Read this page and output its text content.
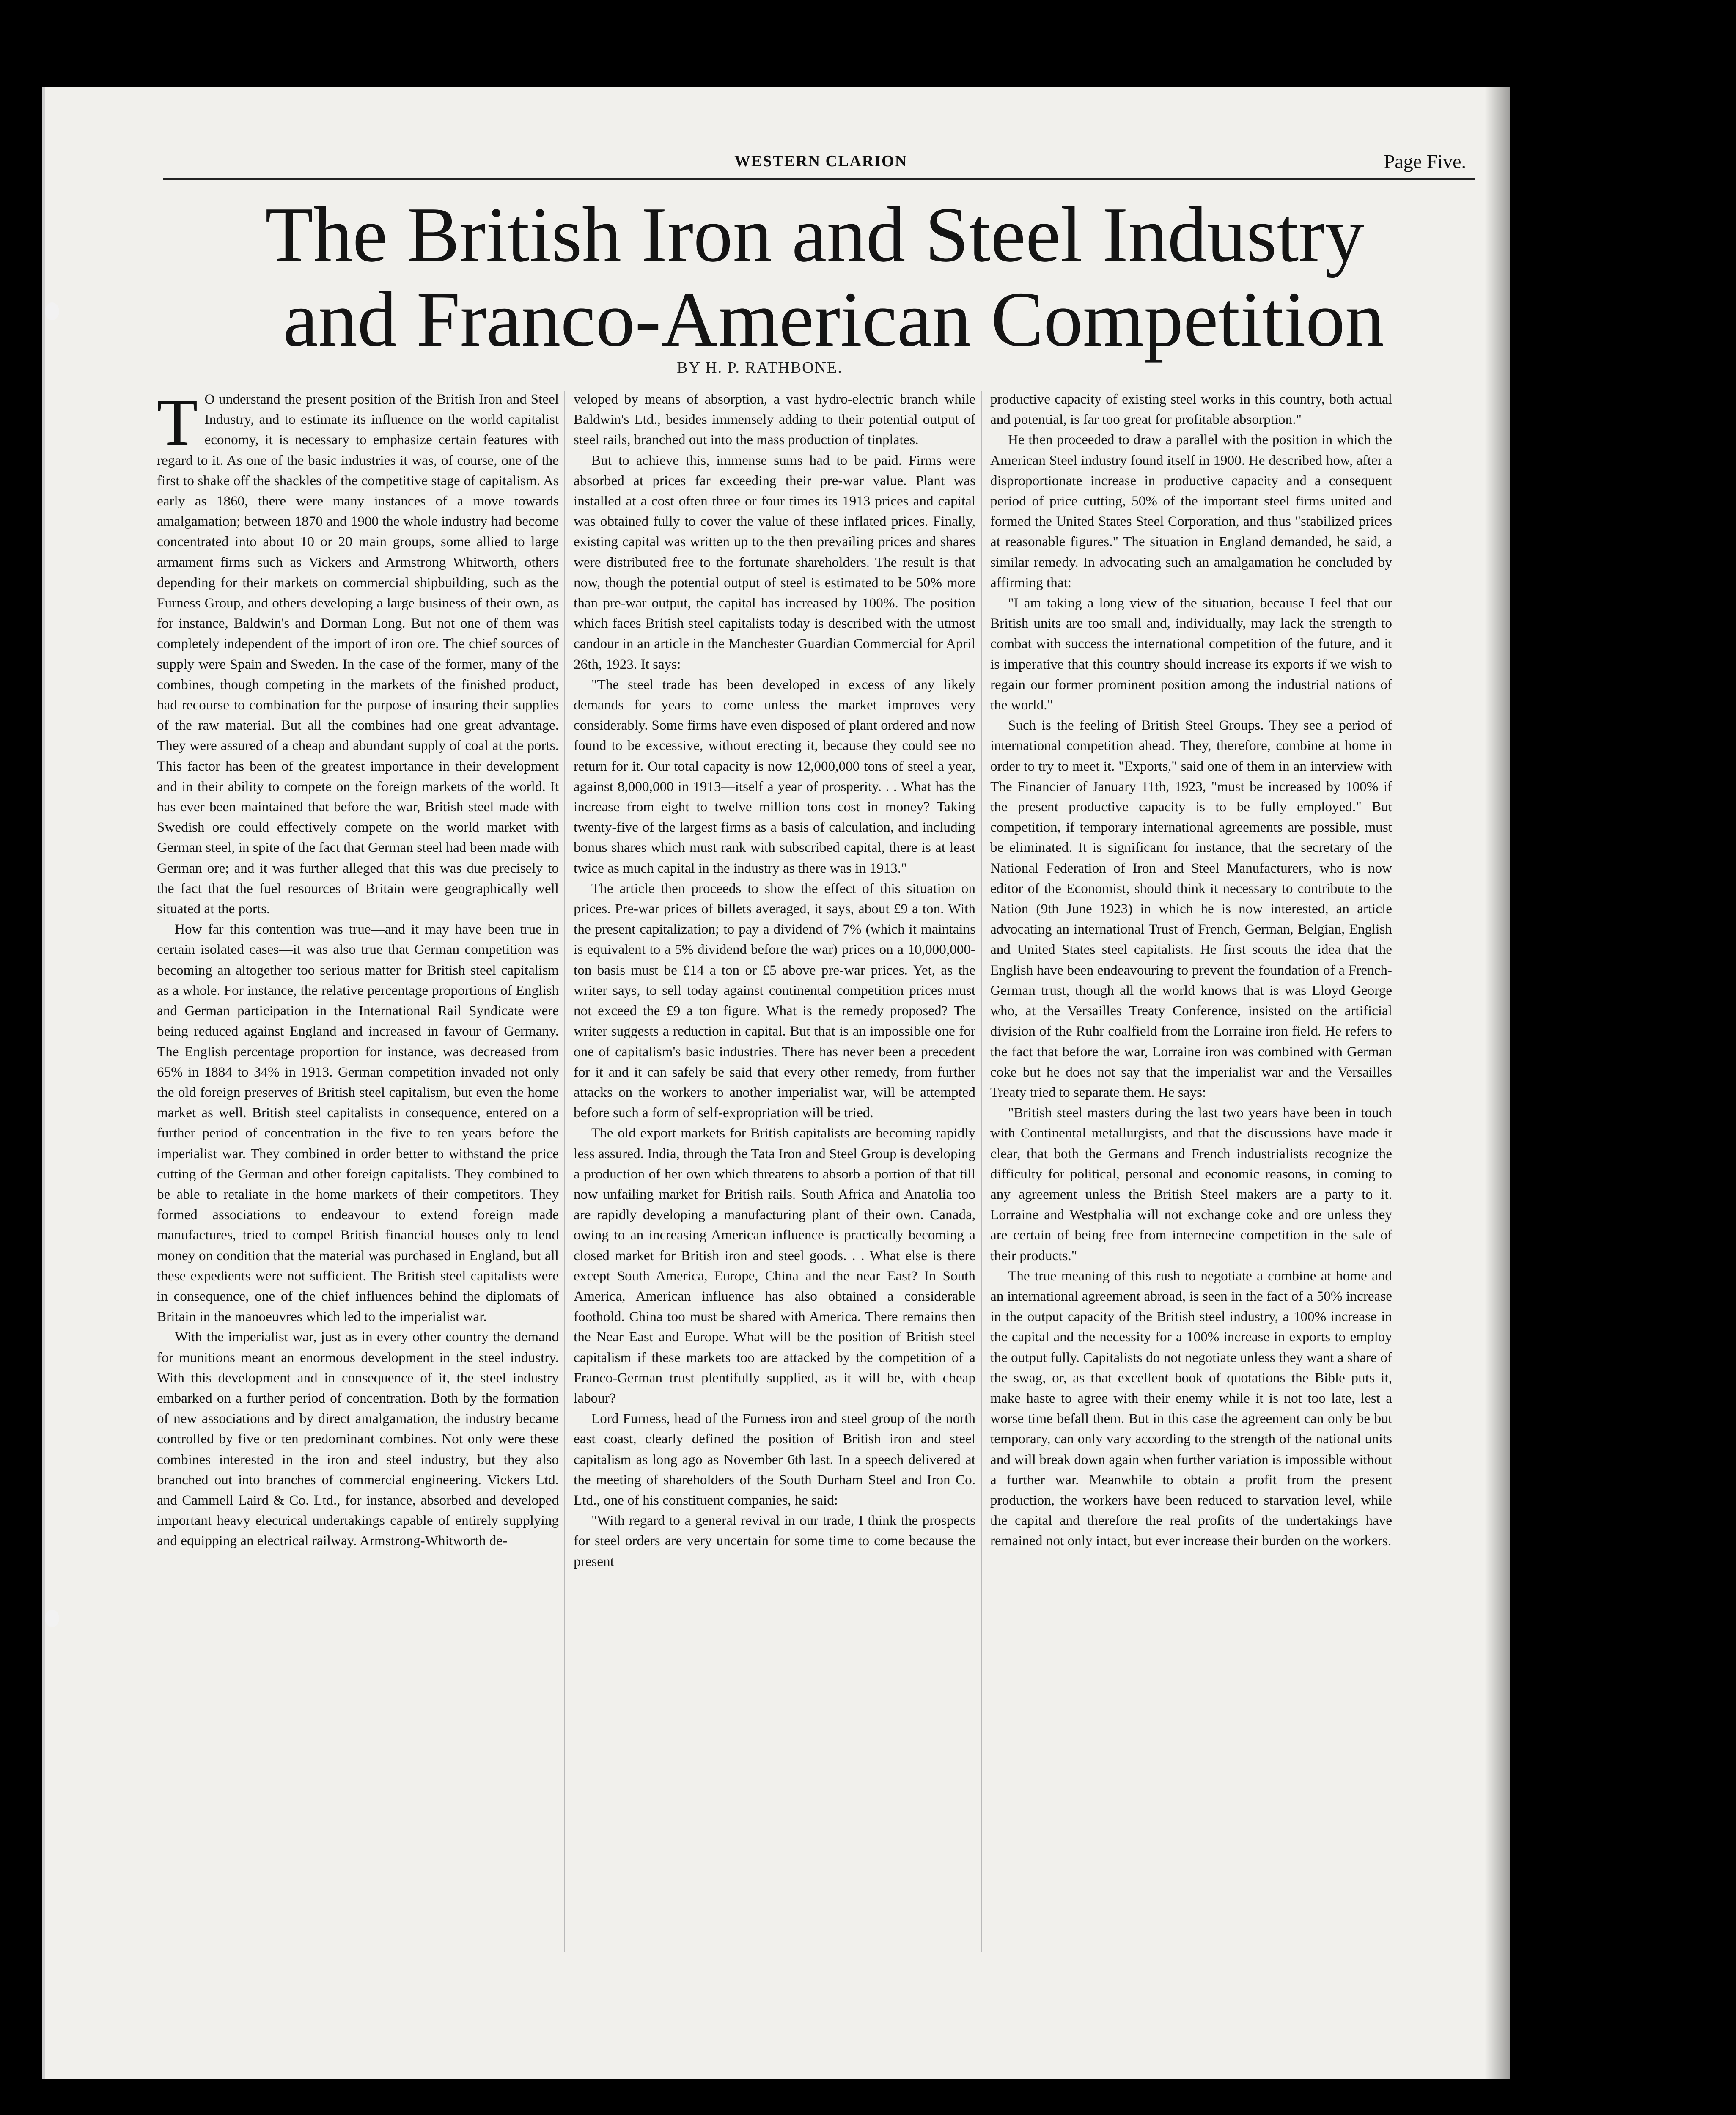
WESTERN CLARION	Page Five.
The British Iron and Steel Industry
and Franco-American Competition
BY H. P. RATHBONE.

T O understand the present position of the British Iron and Steel Industry, and to estimate its influence on the world capitalist economy, it is necessary to emphasize certain features with regard to it. As one of the basic industries it was, of course, one of the first to shake off the shackles of the competitive stage of capitalism. As early as 1860, there were many instances of a move towards amalgamation; between 1870 and 1900 the whole industry had become concentrated into about 10 or 20 main groups, some allied to large armament firms such as Vickers and Armstrong Whitworth, others depending for their markets on commercial shipbuilding, such as the Furness Group, and others developing a large business of their own, as for instance, Baldwin's and Dorman Long. But not one of them was completely independent of the import of iron ore. The chief sources of supply were Spain and Sweden. In the case of the former, many of the combines, though competing in the markets of the finished product, had recourse to combination for the purpose of insuring their supplies of the raw material. But all the combines had one great advantage. They were assured of a cheap and abundant supply of coal at the ports. This factor has been of the greatest importance in their development and in their ability to compete on the foreign markets of the world. It has ever been maintained that before the war, British steel made with Swedish ore could effectively compete on the world market with German steel, in spite of the fact that German steel had been made with German ore; and it was further alleged that this was due precisely to the fact that the fuel resources of Britain were geographically well situated at the ports.

How far this contention was true—and it may have been true in certain isolated cases—it was also true that German competition was becoming an altogether too serious matter for British steel capitalism as a whole. For instance, the relative percentage proportions of English and German participation in the International Rail Syndicate were being reduced against England and increased in favour of Germany. The English percentage proportion for instance, was decreased from 65% in 1884 to 34% in 1913. German competition invaded not only the old foreign preserves of British steel capitalism, but even the home market as well. British steel capitalists in consequence, entered on a further period of concentration in the five to ten years before the imperialist war. They combined in order better to withstand the price cutting of the German and other foreign capitalists. They combined to be able to retaliate in the home markets of their competitors. They formed associations to endeavour to extend foreign made manufactures, tried to compel British financial houses only to lend money on condition that the material was purchased in England, but all these expedients were not sufficient. The British steel capitalists were in consequence, one of the chief influences behind the diplomats of Britain in the manoeuvres which led to the imperialist war.

With the imperialist war, just as in every other country the demand for munitions meant an enormous development in the steel industry. With this development and in consequence of it, the steel industry embarked on a further period of concentration. Both by the formation of new associations and by direct amalgamation, the industry became controlled by five or ten predominant combines. Not only were these combines interested in the iron and steel industry, but they also branched out into branches of commercial engineering. Vickers Ltd. and Cammell Laird & Co. Ltd., for instance, absorbed and developed important heavy electrical undertakings capable of entirely supplying and equipping an electrical railway. Armstrong-Whitworth de-

veloped by means of absorption, a vast hydro-electric branch while Baldwin's Ltd., besides immensely adding to their potential output of steel rails, branched out into the mass production of tinplates.

But to achieve this, immense sums had to be paid. Firms were absorbed at prices far exceeding their pre-war value. Plant was installed at a cost often three or four times its 1913 prices and capital was obtained fully to cover the value of these inflated prices. Finally, existing capital was written up to the then prevailing prices and shares were distributed free to the fortunate shareholders. The result is that now, though the potential output of steel is estimated to be 50% more than pre-war output, the capital has increased by 100%. The position which faces British steel capitalists today is described with the utmost candour in an article in the Manchester Guardian Commercial for April 26th, 1923. It says:

"The steel trade has been developed in excess of any likely demands for years to come unless the market improves very considerably. Some firms have even disposed of plant ordered and now found to be excessive, without erecting it, because they could see no return for it. Our total capacity is now 12,000,000 tons of steel a year, against 8,000,000 in 1913—itself a year of prosperity. . . What has the increase from eight to twelve million tons cost in money? Taking twenty-five of the largest firms as a basis of calculation, and including bonus shares which must rank with subscribed capital, there is at least twice as much capital in the industry as there was in 1913."

The article then proceeds to show the effect of this situation on prices. Pre-war prices of billets averaged, it says, about £9 a ton. With the present capitalization; to pay a dividend of 7% (which it maintains is equivalent to a 5% dividend before the war) prices on a 10,000,000-ton basis must be £14 a ton or £5 above pre-war prices. Yet, as the writer says, to sell today against continental competition prices must not exceed the £9 a ton figure. What is the remedy proposed? The writer suggests a reduction in capital. But that is an impossible one for one of capitalism's basic industries. There has never been a precedent for it and it can safely be said that every other remedy, from further attacks on the workers to another imperialist war, will be attempted before such a form of self-expropriation will be tried.

The old export markets for British capitalists are becoming rapidly less assured. India, through the Tata Iron and Steel Group is developing a production of her own which threatens to absorb a portion of that till now unfailing market for British rails. South Africa and Anatolia too are rapidly developing a manufacturing plant of their own. Canada, owing to an increasing American influence is practically becoming a closed market for British iron and steel goods. . . What else is there except South America, Europe, China and the near East? In South America, American influence has also obtained a considerable foothold. China too must be shared with America. There remains then the Near East and Europe. What will be the position of British steel capitalism if these markets too are attacked by the competition of a Franco-German trust plentifully supplied, as it will be, with cheap labour?

Lord Furness, head of the Furness iron and steel group of the north east coast, clearly defined the position of British iron and steel capitalism as long ago as November 6th last. In a speech delivered at the meeting of shareholders of the South Durham Steel and Iron Co. Ltd., one of his constituent companies, he said:

"With regard to a general revival in our trade, I think the prospects for steel orders are very uncertain for some time to come because the present

productive capacity of existing steel works in this country, both actual and potential, is far too great for profitable absorption."

He then proceeded to draw a parallel with the position in which the American Steel industry found itself in 1900. He described how, after a disproportionate increase in productive capacity and a consequent period of price cutting, 50% of the important steel firms united and formed the United States Steel Corporation, and thus "stabilized prices at reasonable figures." The situation in England demanded, he said, a similar remedy. In advocating such an amalgamation he concluded by affirming that:

"I am taking a long view of the situation, because I feel that our British units are too small and, individually, may lack the strength to combat with success the international competition of the future, and it is imperative that this country should increase its exports if we wish to regain our former prominent position among the industrial nations of the world."

Such is the feeling of British Steel Groups. They see a period of international competition ahead. They, therefore, combine at home in order to try to meet it. "Exports," said one of them in an interview with The Financier of January 11th, 1923, "must be increased by 100% if the present productive capacity is to be fully employed." But competition, if temporary international agreements are possible, must be eliminated. It is significant for instance, that the secretary of the National Federation of Iron and Steel Manufacturers, who is now editor of the Economist, should think it necessary to contribute to the Nation (9th June 1923) in which he is now interested, an article advocating an international Trust of French, German, Belgian, English and United States steel capitalists. He first scouts the idea that the English have been endeavouring to prevent the foundation of a French-German trust, though all the world knows that is was Lloyd George who, at the Versailles Treaty Conference, insisted on the artificial division of the Ruhr coalfield from the Lorraine iron field. He refers to the fact that before the war, Lorraine iron was combined with German coke but he does not say that the imperialist war and the Versailles Treaty tried to separate them. He says:

"British steel masters during the last two years have been in touch with Continental metallurgists, and that the discussions have made it clear, that both the Germans and French industrialists recognize the difficulty for political, personal and economic reasons, in coming to any agreement unless the British Steel makers are a party to it. Lorraine and Westphalia will not exchange coke and ore unless they are certain of being free from internecine competition in the sale of their products."

The true meaning of this rush to negotiate a combine at home and an international agreement abroad, is seen in the fact of a 50% increase in the output capacity of the British steel industry, a 100% increase in the capital and the necessity for a 100% increase in exports to employ the output fully. Capitalists do not negotiate unless they want a share of the swag, or, as that excellent book of quotations the Bible puts it, make haste to agree with their enemy while it is not too late, lest a worse time befall them. But in this case the agreement can only be but temporary, can only vary according to the strength of the national units and will break down again when further variation is impossible without a further war. Meanwhile to obtain a profit from the present production, the workers have been reduced to starvation level, while the capital and therefore the real profits of the undertakings have remained not only intact, but ever increase their burden on the workers.
